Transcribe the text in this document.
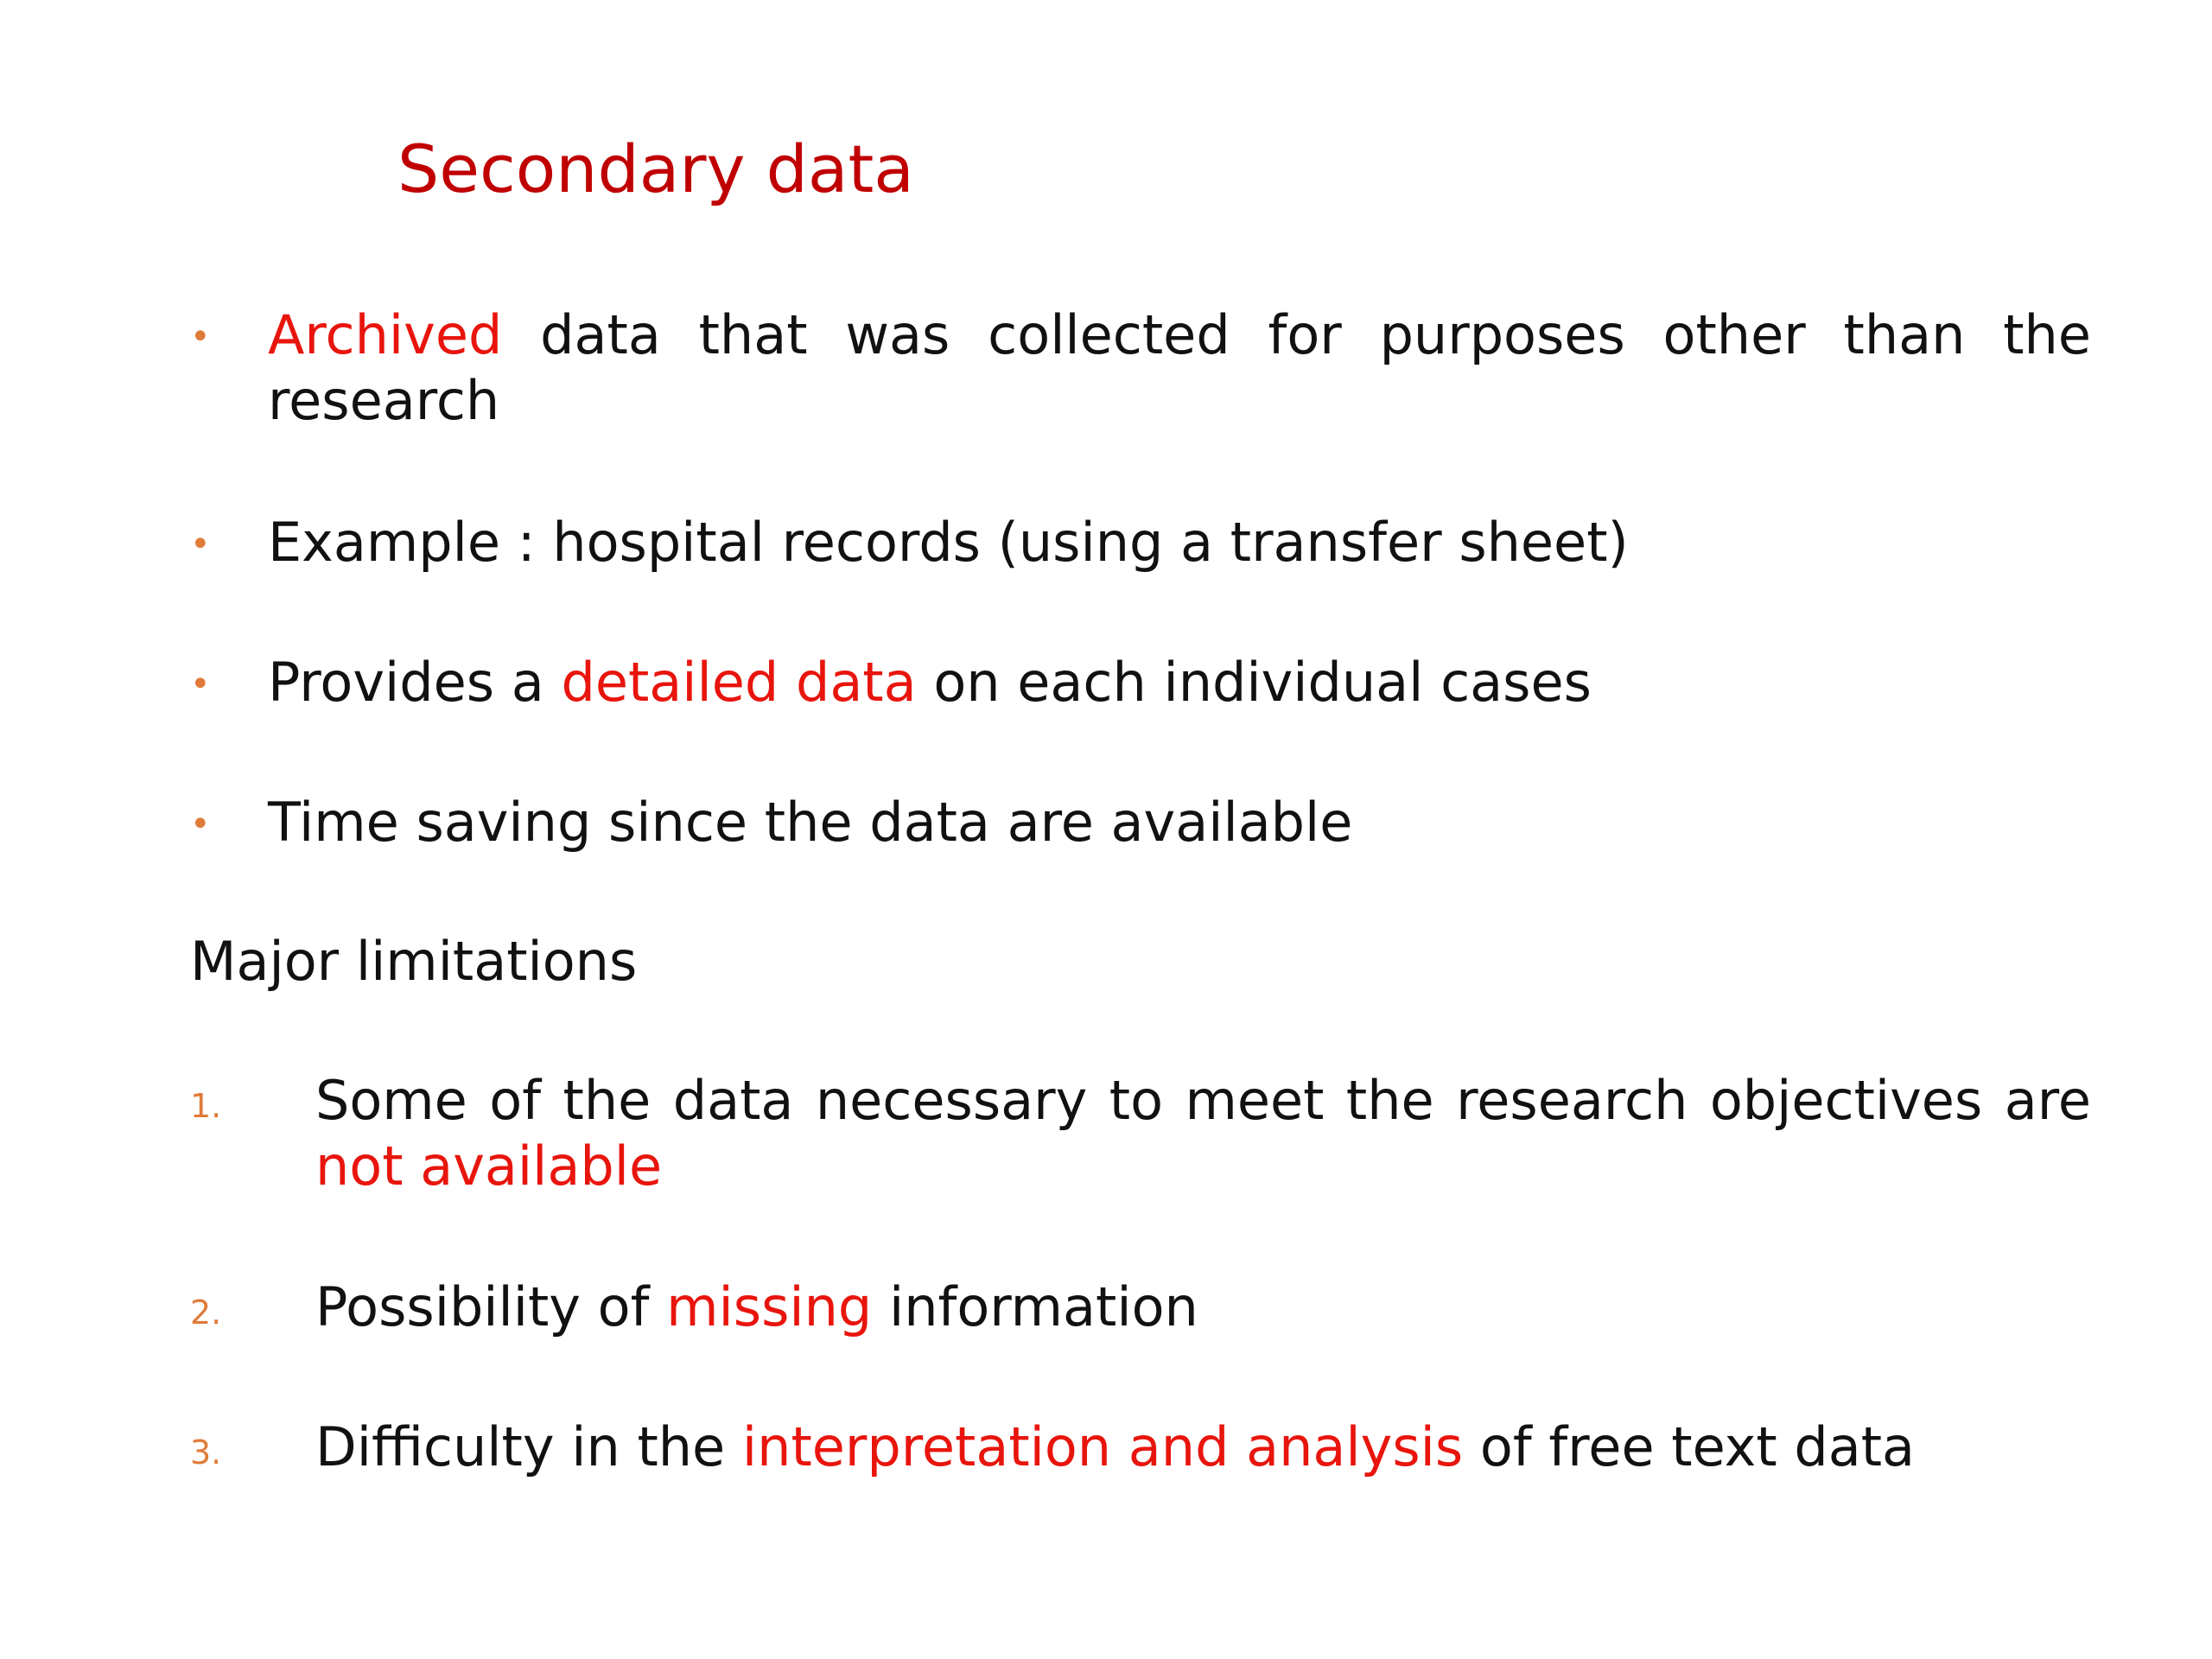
Secondary data
• Archived data that was collected for purposes other than the research
• Example : hospital records (using a transfer sheet)
• Provides a detailed data on each individual cases
• Time saving since the data are available
Major limitations
1. Some of the data necessary to meet the research objectives are not available
2. Possibility of missing information
3. Difficulty in the interpretation and analysis of free text data
